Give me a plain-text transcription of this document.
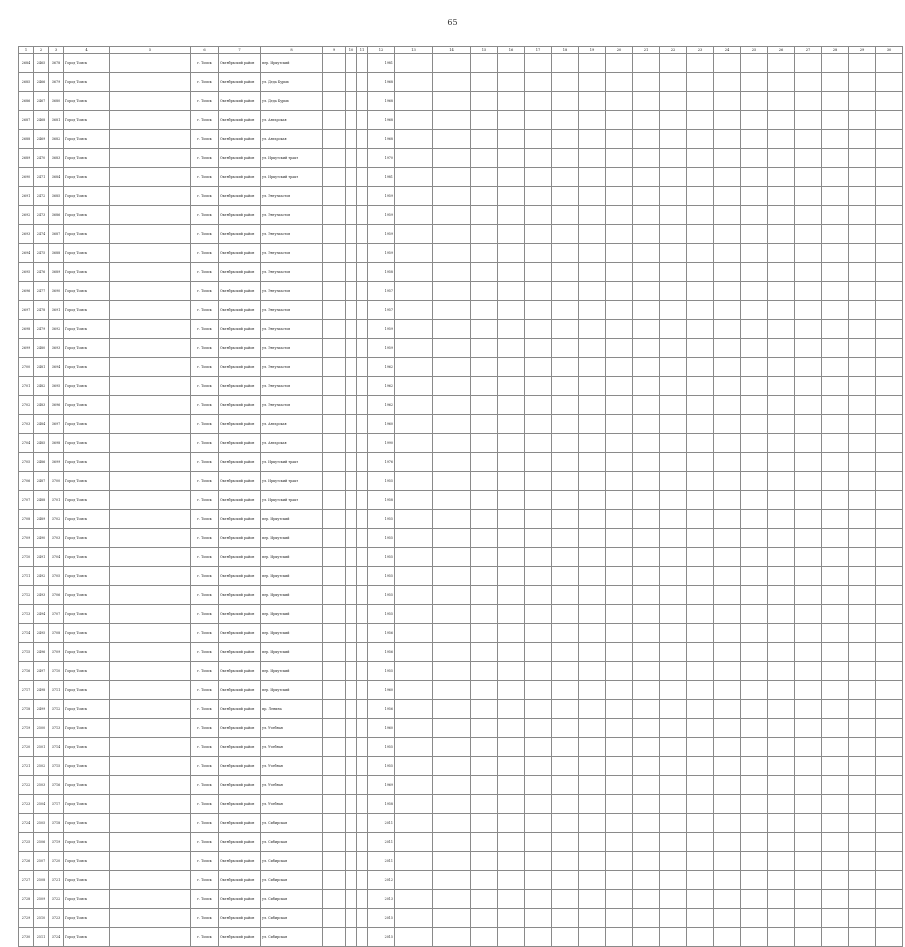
65
1	2	3	4	5	6	7	8	9	10	11	12	13	14	15	16	17	18	19	20	21	22	23	24	25	26	27	28	29	30
2684	2465	3678	Город Томск		г. Томск	Октябрьский район	пер. Иркутский				1981																		
2685	2466	3679	Город Томск		г. Томск	Октябрьский район	ул. Деда Бурых				1968																		
2686	2467	3680	Город Томск		г. Томск	Октябрьский район	ул. Деда Бурых				1968																		
2687	2468	3681	Город Томск		г. Томск	Октябрьский район	ул. Ангарская				1968																		
2688	2469	3682	Город Томск		г. Томск	Октябрьский район	ул. Ангарская				1968																		
2689	2470	3683	Город Томск		г. Томск	Октябрьский район	ул. Иркутский тракт				1970																		
2690	2471	3684	Город Томск		г. Томск	Октябрьский район	ул. Иркутский тракт				1981																		
2691	2472	3685	Город Томск		г. Томск	Октябрьский район	ул. Энтузиастов				1959																		
2692	2473	3686	Город Томск		г. Томск	Октябрьский район	ул. Энтузиастов				1959																		
2693	2474	3687	Город Томск		г. Томск	Октябрьский район	ул. Энтузиастов				1959																		
2694	2475	3688	Город Томск		г. Томск	Октябрьский район	ул. Энтузиастов				1959																		
2695	2476	3689	Город Томск		г. Томск	Октябрьский район	ул. Энтузиастов				1958																		
2696	2477	3690	Город Томск		г. Томск	Октябрьский район	ул. Энтузиастов				1957																		
2697	2478	3691	Город Томск		г. Томск	Октябрьский район	ул. Энтузиастов				1957																		
2698	2479	3692	Город Томск		г. Томск	Октябрьский район	ул. Энтузиастов				1959																		
2699	2480	3693	Город Томск		г. Томск	Октябрьский район	ул. Энтузиастов				1959																		
2700	2481	3694	Город Томск		г. Томск	Октябрьский район	ул. Энтузиастов				1962																		
2701	2482	3695	Город Томск		г. Томск	Октябрьский район	ул. Энтузиастов				1962																		
2702	2483	3696	Город Томск		г. Томск	Октябрьский район	ул. Энтузиастов				1962																		
2703	2484	3697	Город Томск		г. Томск	Октябрьский район	ул. Ангарская				1960																		
2704	2485	3698	Город Томск		г. Томск	Октябрьский район	ул. Ангарская				1990																		
2705	2486	3699	Город Томск		г. Томск	Октябрьский район	ул. Иркутский тракт				1976																		
2706	2487	3700	Город Томск		г. Томск	Октябрьский район	ул. Иркутский тракт				1955																		
2707	2488	3701	Город Томск		г. Томск	Октябрьский район	ул. Иркутский тракт				1958																		
2708	2489	3702	Город Томск		г. Томск	Октябрьский район	пер. Иркутский				1955																		
2709	2490	3703	Город Томск		г. Томск	Октябрьский район	пер. Иркутский				1955																		
2710	2491	3704	Город Томск		г. Томск	Октябрьский район	пер. Иркутский				1955																		
2711	2492	3705	Город Томск		г. Томск	Октябрьский район	пер. Иркутский				1955																		
2712	2493	3706	Город Томск		г. Томск	Октябрьский район	пер. Иркутский				1955																		
2713	2494	3707	Город Томск		г. Томск	Октябрьский район	пер. Иркутский				1955																		
2714	2495	3708	Город Томск		г. Томск	Октябрьский район	пер. Иркутский				1956																		
2715	2496	3709	Город Томск		г. Томск	Октябрьский район	пер. Иркутский				1956																		
2716	2497	3710	Город Томск		г. Томск	Октябрьский район	пер. Иркутский				1955																		
2717	2498	3711	Город Томск		г. Томск	Октябрьский район	пер. Иркутский				1960																		
2718	2499	3712	Город Томск		г. Томск	Октябрьский район	пр. Ленина				1956																		
2719	2500	3713	Город Томск		г. Томск	Октябрьский район	ул. Учебная				1960																		
2720	2501	3714	Город Томск		г. Томск	Октябрьский район	ул. Учебная				1955																		
2721	2502	3715	Город Томск		г. Томск	Октябрьский район	ул. Учебная				1955																		
2722	2503	3716	Город Томск		г. Томск	Октябрьский район	ул. Учебная				1969																		
2723	2504	3717	Город Томск		г. Томск	Октябрьский район	ул. Учебная				1958																		
2724	2505	3718	Город Томск		г. Томск	Октябрьский район	ул. Сибирская				2011																		
2725	2506	3719	Город Томск		г. Томск	Октябрьский район	ул. Сибирская				2011																		
2726	2507	3720	Город Томск		г. Томск	Октябрьский район	ул. Сибирская				2011																		
2727	2508	3721	Город Томск		г. Томск	Октябрьский район	ул. Сибирская				2012																		
2728	2509	3722	Город Томск		г. Томск	Октябрьский район	ул. Сибирская				2013																		
2729	2510	3723	Город Томск		г. Томск	Октябрьский район	ул. Сибирская				2015																		
2730	2511	3724	Город Томск		г. Томск	Октябрьский район	ул. Сибирская				2015																		
